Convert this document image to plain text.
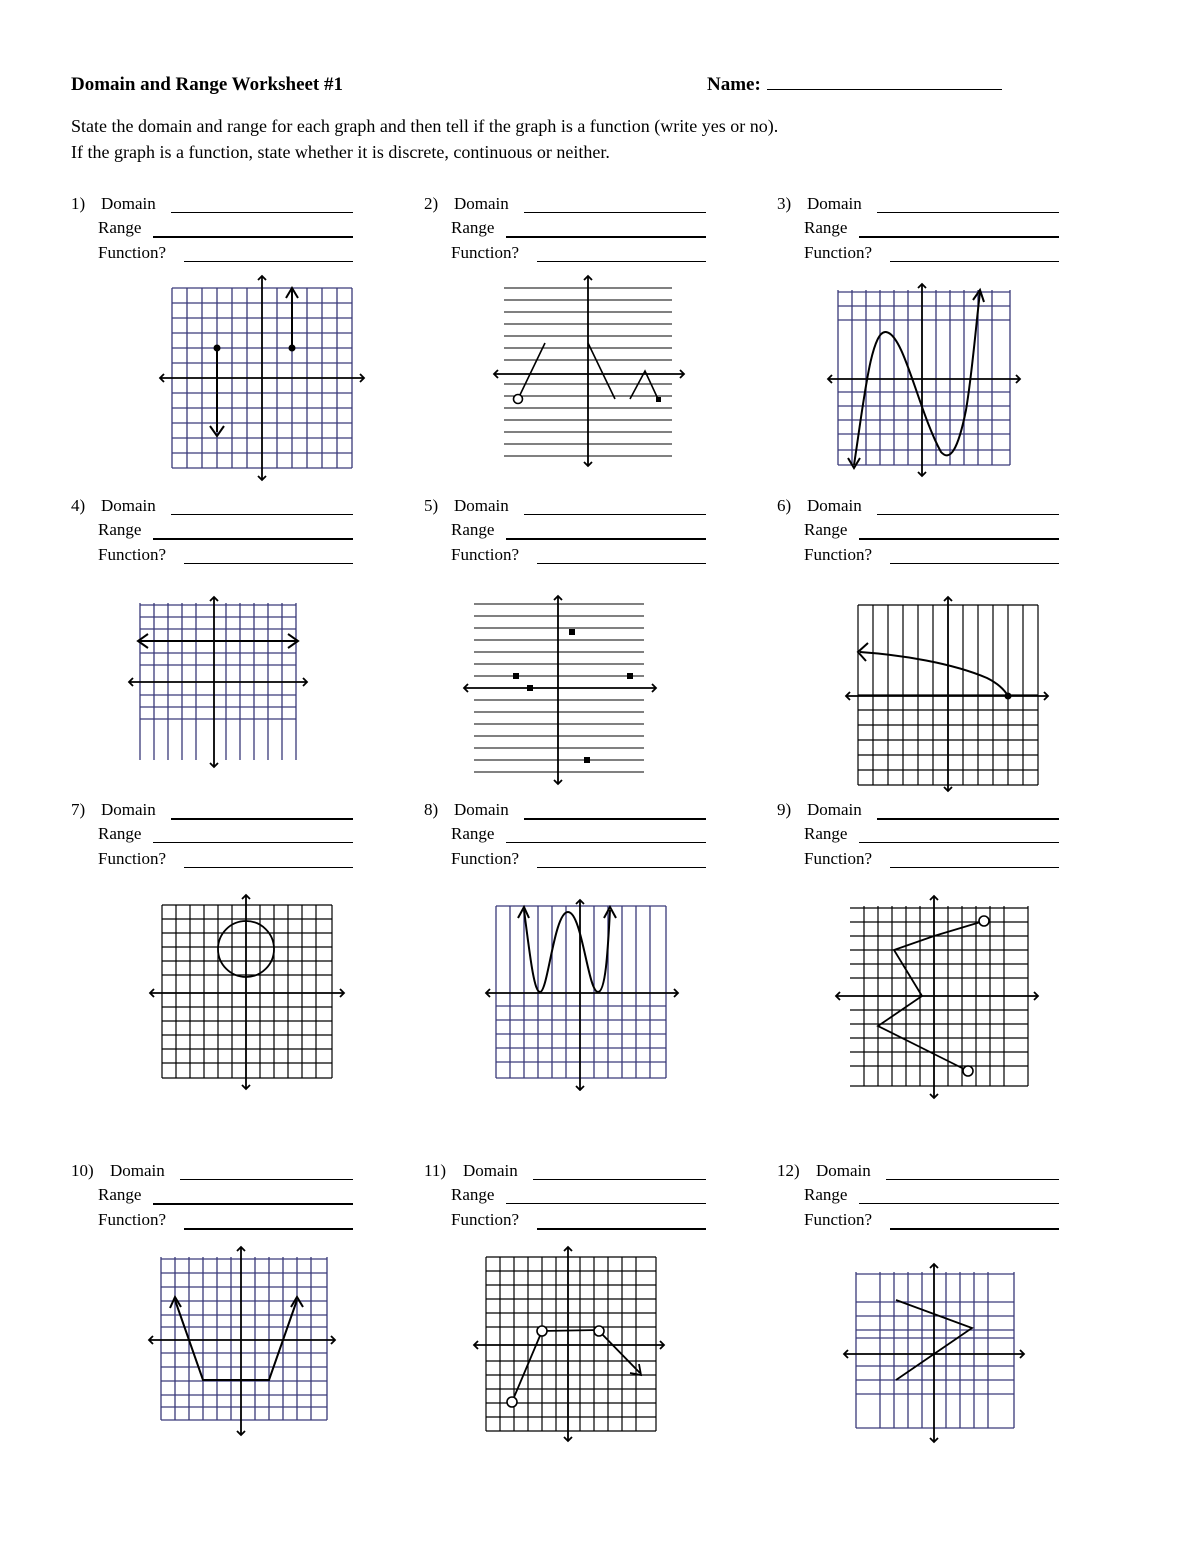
Domain and Range Worksheet #1	Name:
State the domain and range for each graph and then tell if the graph is a function (write yes or no).
If the graph is a function, state whether it is discrete, continuous or neither.
1) Domain
Range
Function?
2) Domain
Range
Function?
3) Domain
Range
Function?
4) Domain
Range
Function?
5) Domain
Range
Function?
6) Domain
Range
Function?
7) Domain
Range
Function?
8) Domain
Range
Function?
9) Domain
Range
Function?
10) Domain
Range
Function?
11) Domain
Range
Function?
12) Domain
Range
Function?
